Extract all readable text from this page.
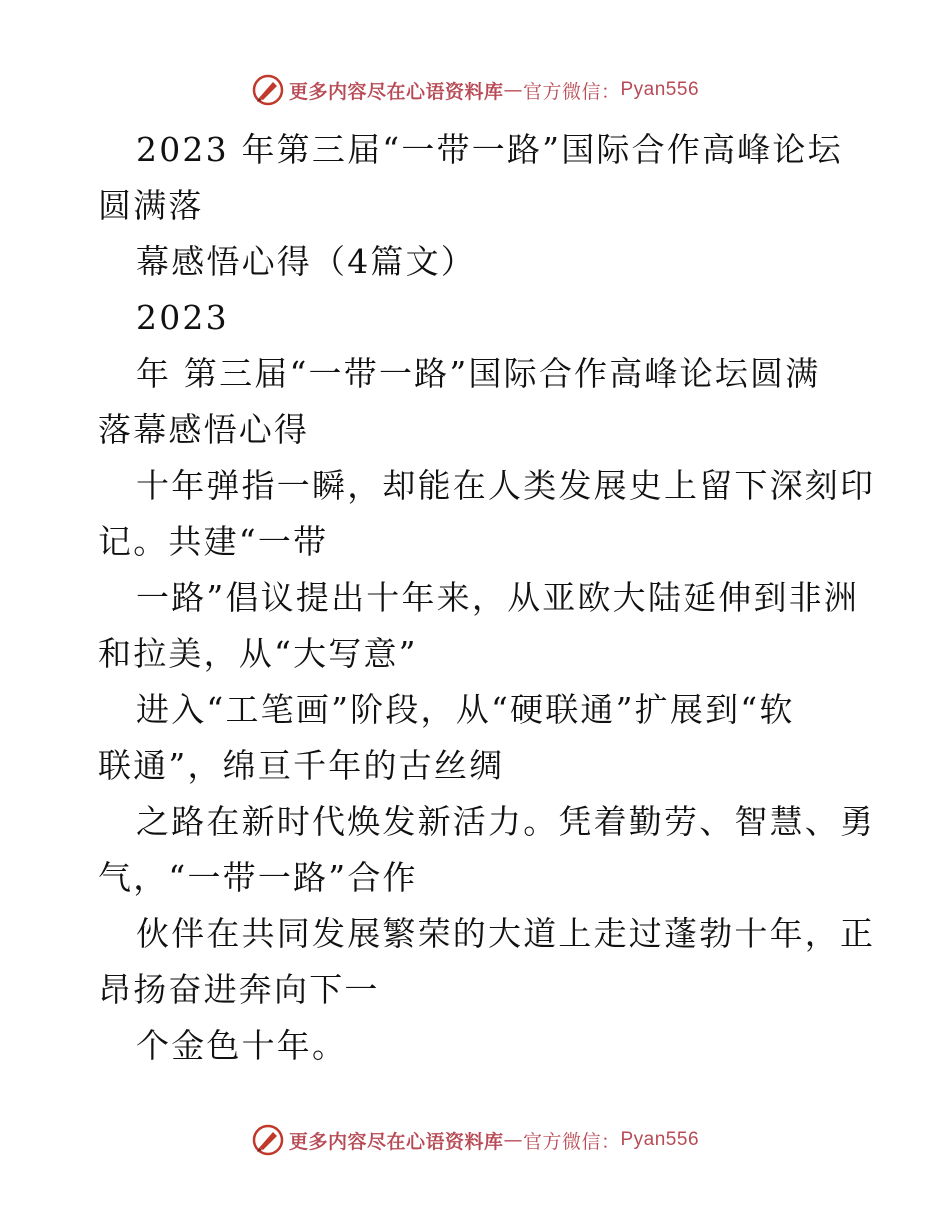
更多内容尽在心语资料库 — 官方微信： Pyan556
2023 年第三届“一带一路”国际合作高峰论坛
圆满落
幕感悟心得（4篇文）
2023
年 第三届“一带一路”国际合作高峰论坛圆满
落幕感悟心得
十年弹指一瞬，却能在人类发展史上留下深刻印
记。共建“一带
一路”倡议提出十年来，从亚欧大陆延伸到非洲
和拉美，从“大写意”
进入“工笔画”阶段，从“硬联通”扩展到“软
联通”，绵亘千年的古丝绸
之路在新时代焕发新活力。凭着勤劳、智慧、勇
气，“一带一路”合作
伙伴在共同发展繁荣的大道上走过蓬勃十年，正
昂扬奋进奔向下一
个金色十年。
更多内容尽在心语资料库 — 官方微信： Pyan556
